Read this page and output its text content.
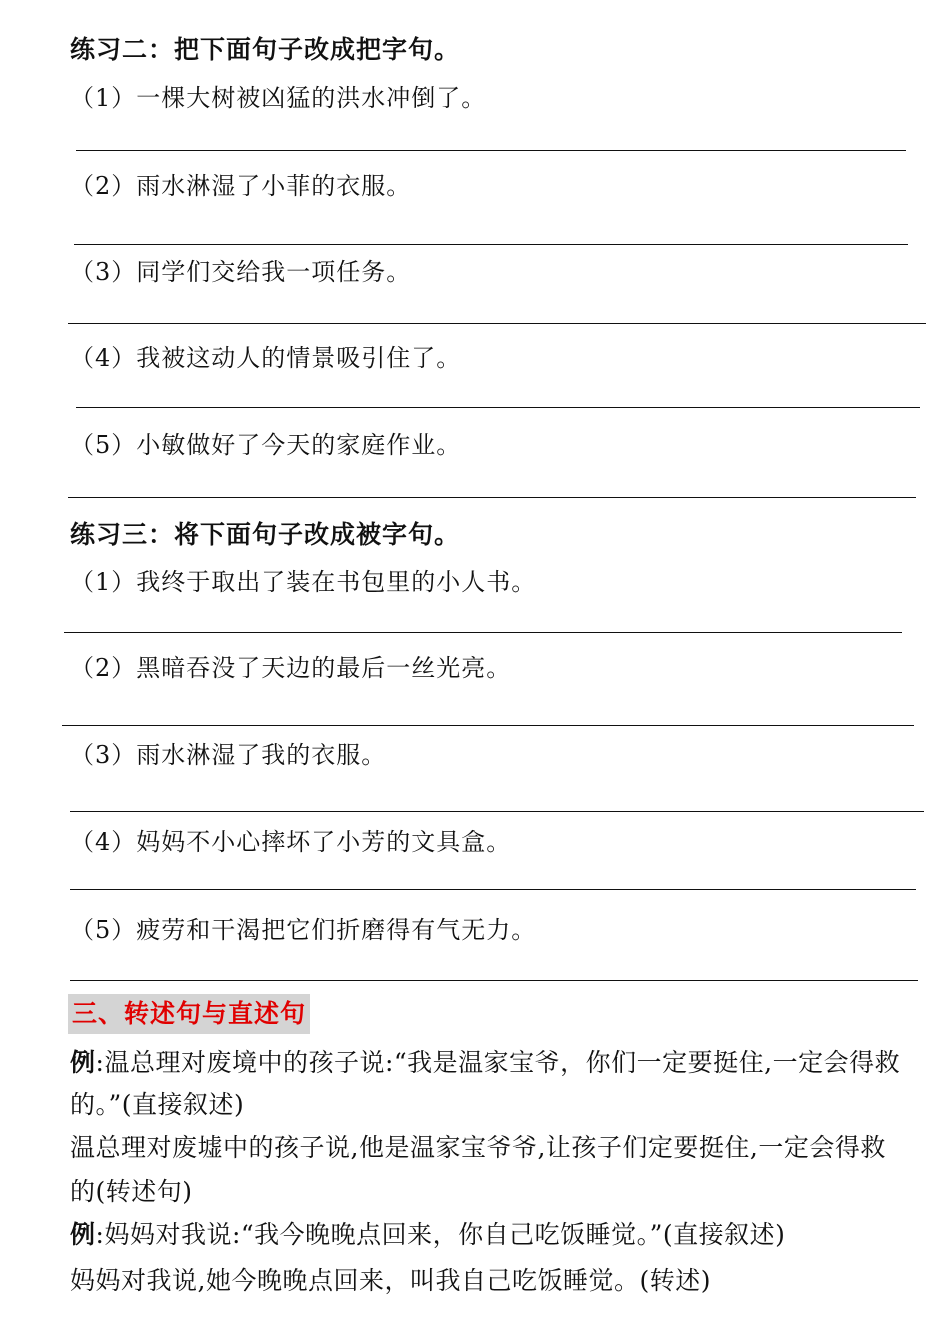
练习二：把下面句子改成把字句。
（1）一棵大树被凶猛的洪水冲倒了。
（2）雨水淋湿了小菲的衣服。
（3）同学们交给我一项任务。
（4）我被这动人的情景吸引住了。
（5）小敏做好了今天的家庭作业。
练习三：将下面句子改成被字句。
（1）我终于取出了装在书包里的小人书。
（2）黑暗吞没了天边的最后一丝光亮。
（3）雨水淋湿了我的衣服。
（4）妈妈不小心摔坏了小芳的文具盒。
（5）疲劳和干渴把它们折磨得有气无力。
三、转述句与直述句
例:温总理对废境中的孩子说:“我是温家宝爷，你们一定要挺住,一定会得救
的。”(直接叙述)
温总理对废墟中的孩子说,他是温家宝爷爷,让孩子们定要挺住,一定会得救
的(转述句)
例:妈妈对我说:“我今晚晚点回来，你自己吃饭睡觉。”(直接叙述)
妈妈对我说,她今晚晚点回来，叫我自己吃饭睡觉。(转述)
